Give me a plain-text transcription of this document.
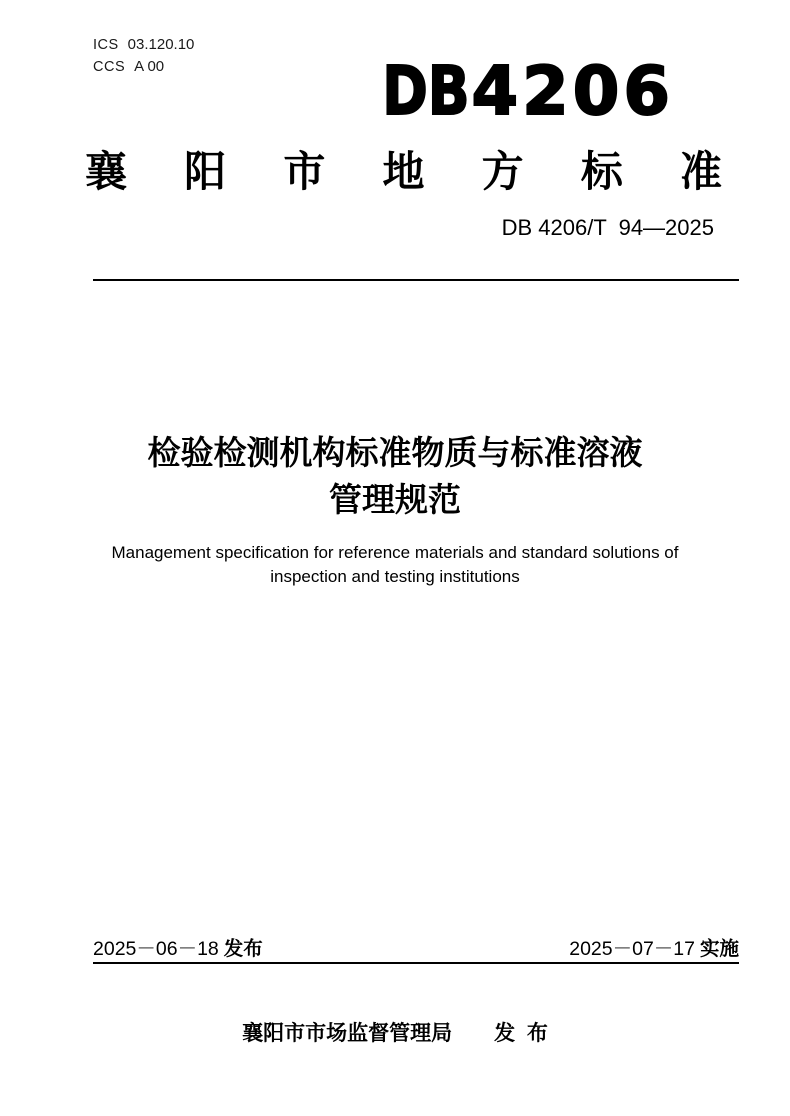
ICS 03.120.10
CCS A 00	DB4206
襄阳市地方标准
DB 4206/T  94—2025
检验检测机构标准物质与标准溶液
管理规范
Management specification for reference materials and standard solutions of
inspection and testing institutions
2025－06－18 发布	2025－07－17 实施
襄阳市市场监督管理局 发  布
